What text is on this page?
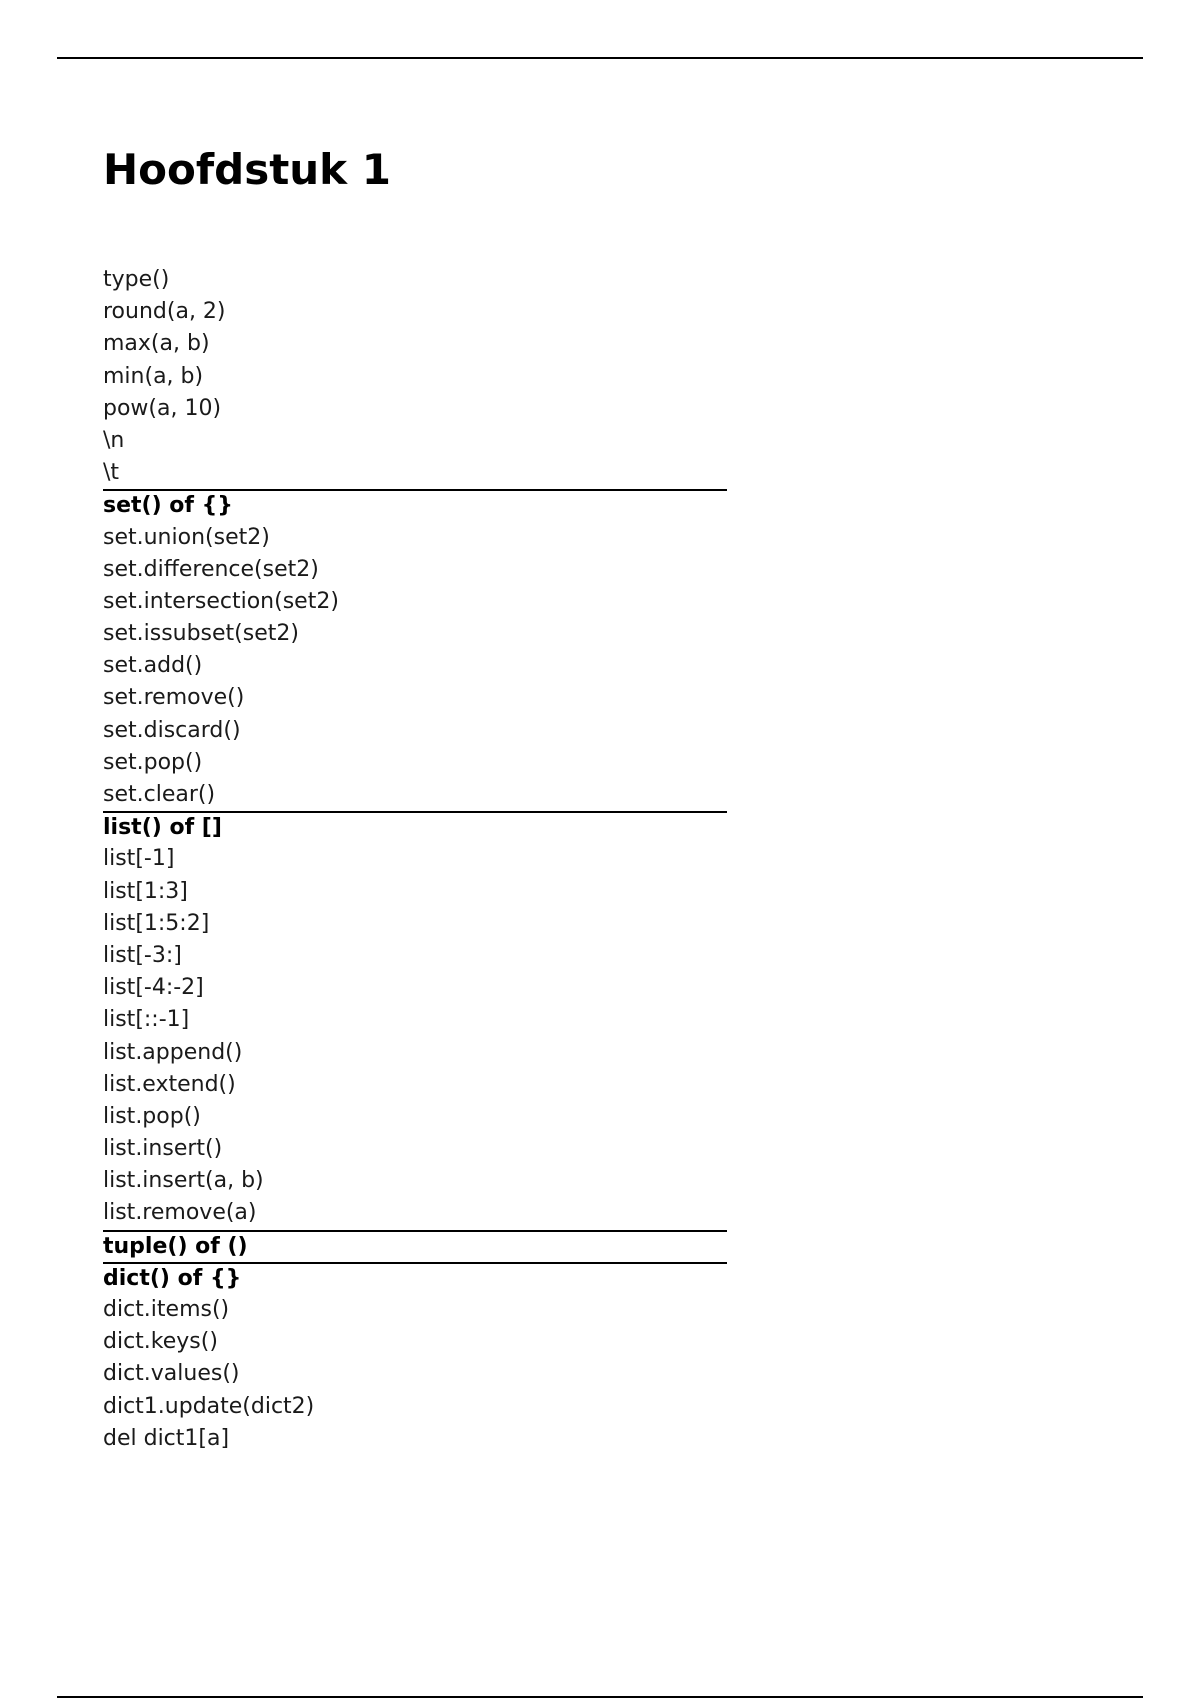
Hoofdstuk 1
type()
round(a, 2)
max(a, b)
min(a, b)
pow(a, 10)
\n
\t
set() of {}
set.union(set2)
set.difference(set2)
set.intersection(set2)
set.issubset(set2)
set.add()
set.remove()
set.discard()
set.pop()
set.clear()
list() of []
list[-1]
list[1:3]
list[1:5:2]
list[-3:]
list[-4:-2]
list[::-1]
list.append()
list.extend()
list.pop()
list.insert()
list.insert(a, b)
list.remove(a)
tuple() of ()
dict() of {}
dict.items()
dict.keys()
dict.values()
dict1.update(dict2)
del dict1[a]
